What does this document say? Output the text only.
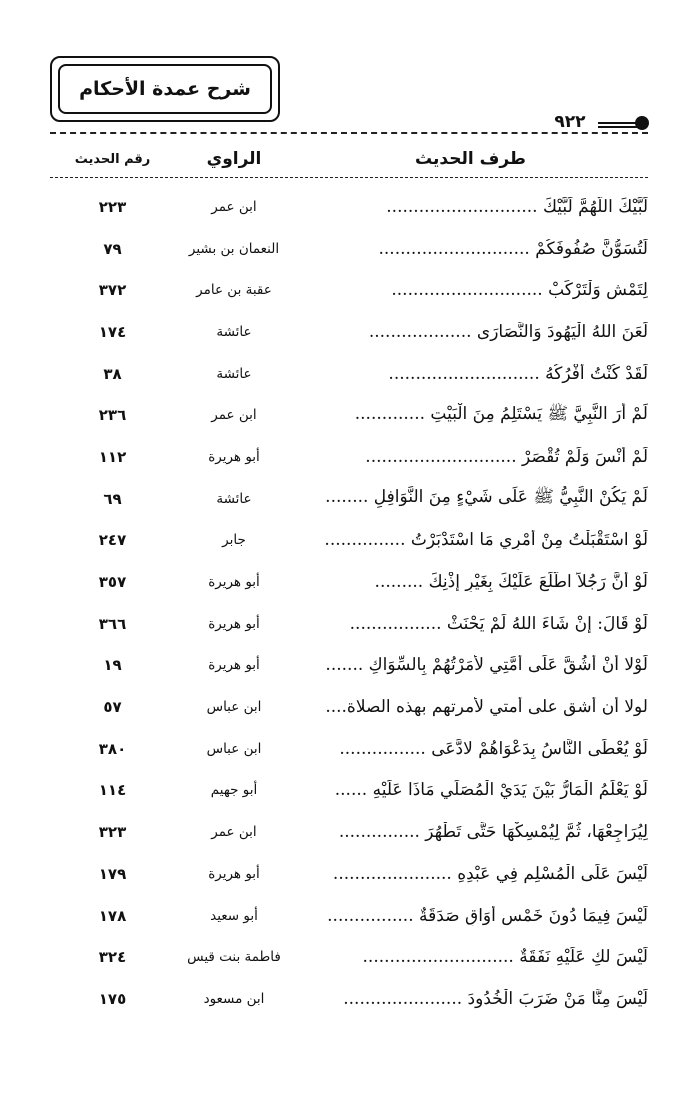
شرح عمدة الأحكام
٩٢٢
طرف الحديث
الراوي
رقم الحديث
لَبَّيْكَ اللَّهُمَّ لَبَّيْكَ ............................
ابن عمر
٢٢٣
لَتُسَوُّنَّ صُفُوفَكُمْ ............................
النعمان بن بشير
٧٩
لِتَمْشِ وَلْتَرْكَبْ ............................
عقبة بن عامر
٣٧٢
لَعَنَ اللهُ الْيَهُودَ وَالنَّصَارَى ...................
عائشة
١٧٤
لَقَدْ كُنْتُ أَفْرُكُهُ ............................
عائشة
٣٨
لَمْ أَرَ النَّبِيَّ ﷺ يَسْتَلِمُ مِنَ الْبَيْتِ .............
ابن عمر
٢٣٦
لَمْ أَنْسَ وَلَمْ تُقْصَرْ ............................
أبو هريرة
١١٢
لَمْ يَكُنْ النَّبِيُّ ﷺ عَلَى شَيْءٍ مِنَ النَّوَافِلِ ........
عائشة
٦٩
لَوْ اسْتَقْبَلْتُ مِنْ أَمْرِي مَا اسْتَدْبَرْتُ ...............
جابر
٢٤٧
لَوْ أَنَّ رَجُلاً اطَّلَعَ عَلَيْكَ بِغَيْرِ إِذْنِكَ .........
أبو هريرة
٣٥٧
لَوْ قَالَ: إِنْ شَاءَ اللهُ لَمْ يَحْنَثْ .................
أبو هريرة
٣٦٦
لَوْلا أَنْ أَشُقَّ عَلَى أُمَّتِي لأَمَرْتُهُمْ بِالسِّوَاكِ .......
أبو هريرة
١٩
لولا أن أشق على أمتي لأمرتهم بهذه الصلاة....
ابن عباس
٥٧
لَوْ يُعْطَى النَّاسُ بِدَعْوَاهُمْ لادَّعَى ................
ابن عباس
٣٨٠
لَوْ يَعْلَمُ الْمَارُّ بَيْنَ يَدَيْ الْمُصَلِّي مَاذَا عَلَيْهِ ......
أبو جهيم
١١٤
لِيُرَاجِعْهَا، ثُمَّ لِيُمْسِكْهَا حَتَّى تَطْهُرَ ...............
ابن عمر
٣٢٣
لَيْسَ عَلَى الْمُسْلِمِ فِي عَبْدِهِ ......................
أبو هريرة
١٧٩
لَيْسَ فِيمَا دُونَ خَمْسِ أَوَاقٍ صَدَقَةٌ ................
أبو سعيد
١٧٨
لَيْسَ لكِ عَلَيْهِ نَفَقَةٌ ............................
فاطمة بنت قيس
٣٢٤
لَيْسَ مِنَّا مَنْ ضَرَبَ الْخُدُودَ ......................
ابن مسعود
١٧٥
